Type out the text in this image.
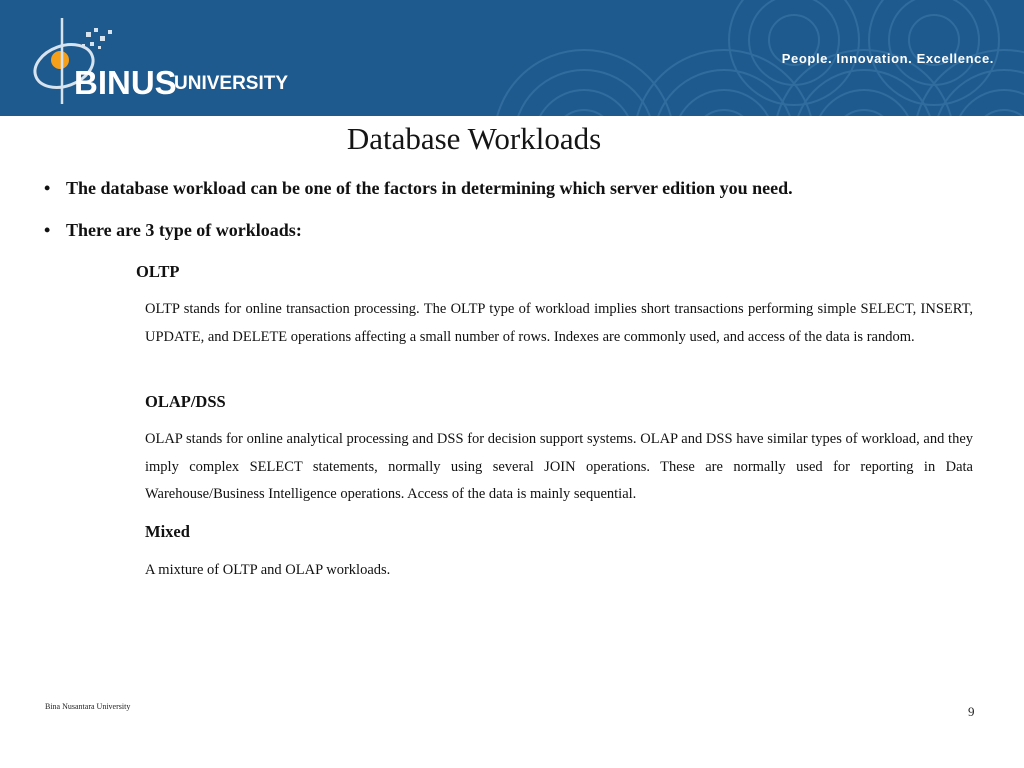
BINUS
UNIVERSITY
People. Innovation. Excellence.
Database Workloads
• The database workload can be one of the factors in determining which server edition you need.
• There are 3 type of workloads:
OLTP
OLTP stands for online transaction processing. The OLTP type of workload implies short transactions performing simple SELECT, INSERT, UPDATE, and DELETE operations affecting a small number of rows. Indexes are commonly used, and access of the data is random.
OLAP/DSS
OLAP stands for online analytical processing and DSS for decision support systems. OLAP and DSS have similar types of workload, and they imply complex SELECT statements, normally using several JOIN operations. These are normally used for reporting in Data Warehouse/Business Intelligence operations. Access of the data is mainly sequential.
Mixed
A mixture of OLTP and OLAP workloads.
Bina Nusantara University	9
